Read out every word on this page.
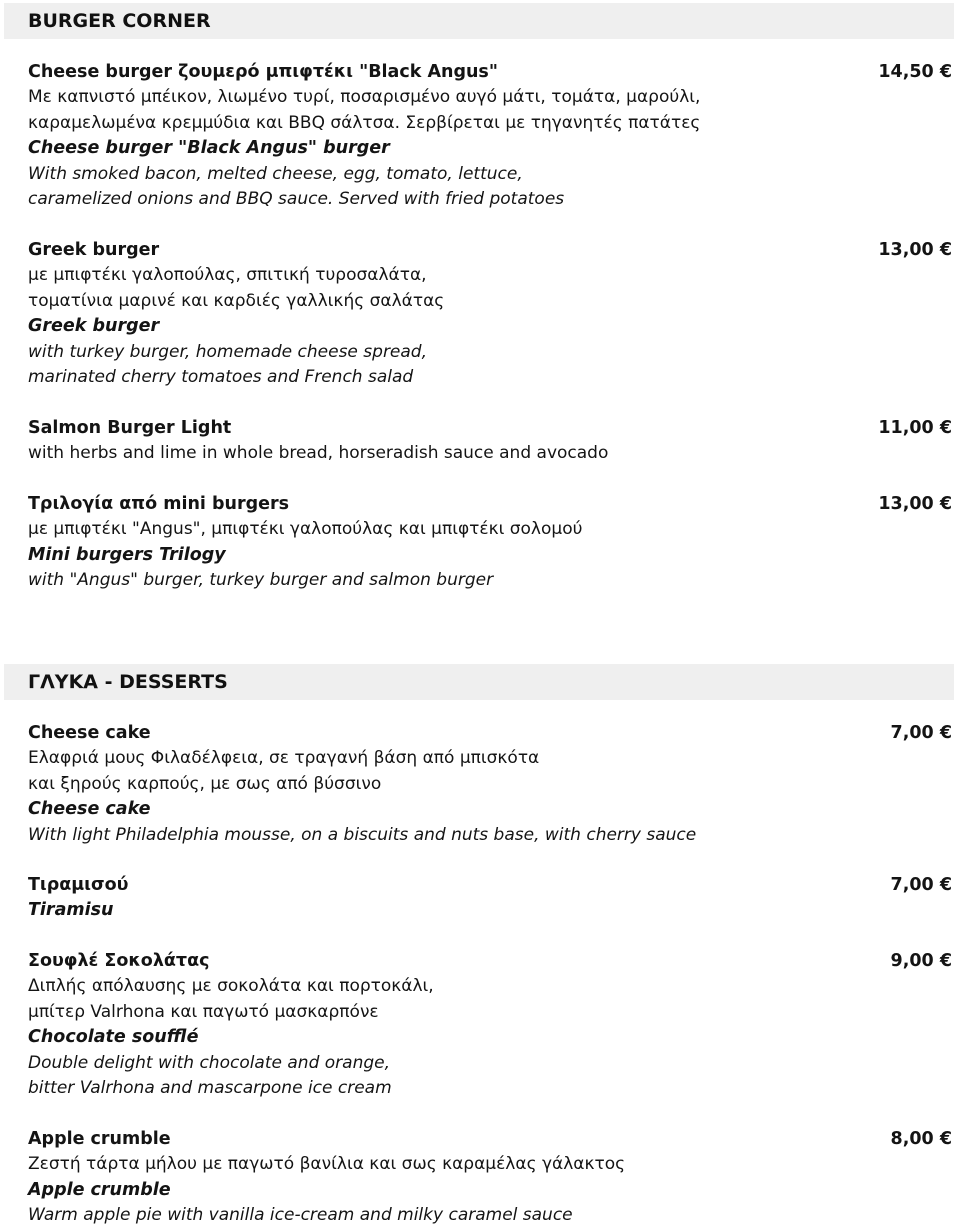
BURGER CORNER
Cheese burger ζουμερό μπιφτέκι "Black Angus"	14,50 €
Με καπνιστό μπέικον, λιωμένο τυρί, ποσαρισμένο αυγό μάτι, τομάτα, μαρούλι,
καραμελωμένα κρεμμύδια και BBQ σάλτσα. Σερβίρεται με τηγανητές πατάτες
Cheese burger "Black Angus" burger
With smoked bacon, melted cheese, egg, tomato, lettuce,
caramelized onions and BBQ sauce. Served with fried potatoes
Greek burger	13,00 €
με μπιφτέκι γαλοπούλας, σπιτική τυροσαλάτα,
τοματίνια μαρινέ και καρδιές γαλλικής σαλάτας
Greek burger
with turkey burger, homemade cheese spread,
marinated cherry tomatoes and French salad
Salmon Burger Light	11,00 €
with herbs and lime in whole bread, horseradish sauce and avocado
Τριλογία από mini burgers	13,00 €
με μπιφτέκι "Angus", μπιφτέκι γαλοπούλας και μπιφτέκι σολομού
Mini burgers Trilogy
with "Angus" burger, turkey burger and salmon burger
ΓΛΥΚΑ - DESSERTS
Cheese cake	7,00 €
Ελαφριά μους Φιλαδέλφεια, σε τραγανή βάση από μπισκότα
και ξηρούς καρπούς, με σως από βύσσινο
Cheese cake
With light Philadelphia mousse, on a biscuits and nuts base, with cherry sauce
Τιραμισού	7,00 €
Tiramisu
Σουφλέ Σοκολάτας	9,00 €
Διπλής απόλαυσης με σοκολάτα και πορτοκάλι,
μπίτερ Valrhona και παγωτό μασκαρπόνε
Chocolate soufflé
Double delight with chocolate and orange,
bitter Valrhona and mascarpone ice cream
Apple crumble	8,00 €
Ζεστή τάρτα μήλου με παγωτό βανίλια και σως καραμέλας γάλακτος
Apple crumble
Warm apple pie with vanilla ice-cream and milky caramel sauce
